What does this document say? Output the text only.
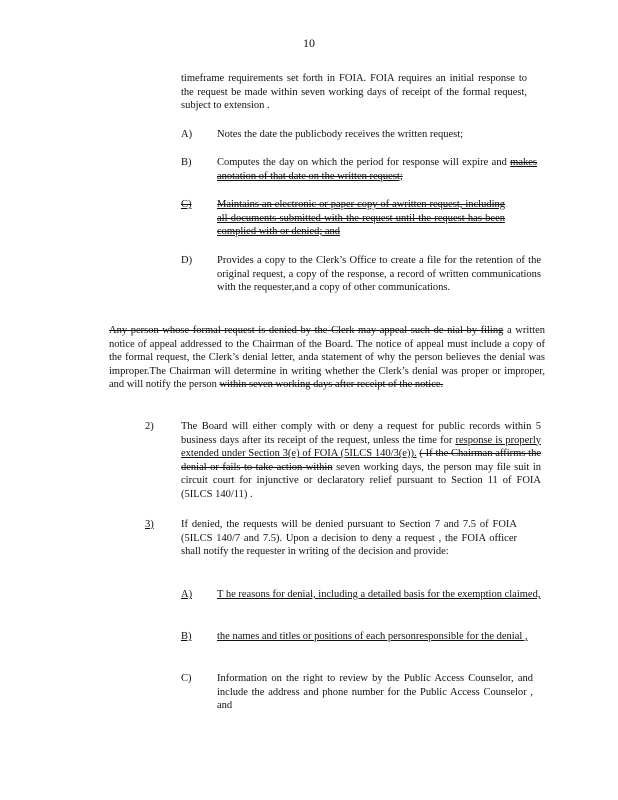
10
timeframe requirements set forth in FOIA. FOIA requires an initial response to the request be made within seven working days of receipt of the formal request, subject to extension .
A) Notes the date the publicbody receives the written request;
B) Computes the day on which the period for response will expire and makes anotation of that date on the written request;
C) Maintains an electronic or paper copy of awritten request, including all documents submitted with the request until the request has been complied with or denied; and
D) Provides a copy to the Clerk’s Office to create a file for the retention of the original request, a copy of the response, a record of written communications with the requester,and a copy of other communications.
Any person whose formal request is denied by the Clerk may appeal such de nial by filing a written notice of appeal addressed to the Chairman of the Board. The notice of appeal must include a copy of the formal request, the Clerk’s denial letter, anda statement of why the person believes the denial was improper.The Chairman will determine in writing whether the Clerk’s denial was proper or improper, and will notify the person within seven working days after receipt of the notice.
2)	The Board will either comply with or deny a request for public records within 5 business days after its receipt of the request, unless the time for response is properly extended under Section 3(e) of FOIA (5ILCS 140/3(e)). ( If the Chairman affirms the denial or fails to take action within seven working days, the person may file suit in circuit court for injunctive or declaratory relief pursuant to Section 11 of FOIA (5ILCS 140/11) .
3)	If denied, the requests will be denied pursuant to Section 7 and 7.5 of FOIA (5ILCS 140/7 and 7.5). Upon a decision to deny a request , the FOIA officer shall notify the requester in writing of the decision and provide:
A) T he reasons for denial, including a detailed basis for the exemption claimed,
B) the names and titles or positions of each personresponsible for the denial ,
C) Information on the right to review by the Public Access Counselor, and include the address and phone number for the Public Access Counselor , and
